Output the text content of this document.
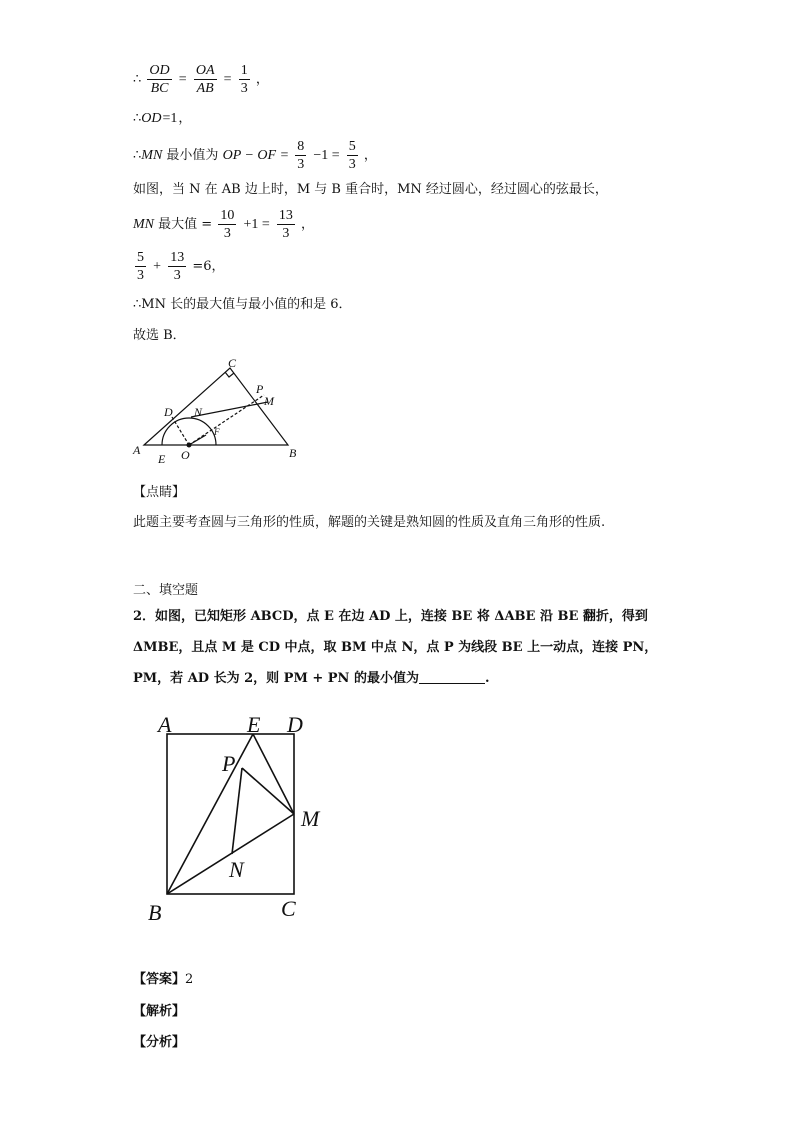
∴ $\frac{OD}{BC} = \frac{OA}{AB} = \frac{1}{3}$ ，
∴OD=1，
∴MN 最小值为 OP − OF = $\frac{8}{3} -1 = \frac{5}{3}$ ，
如图，当 N 在 AB 边上时，M 与 B 重合时，MN 经过圆心，经过圆心的弦最长，
MN 最大值 = $\frac{10}{3} +1 = \frac{13}{3}$ ，
$\frac{5}{3} + \frac{13}{3} =6$，
∴MN 长的最大值与最小值的和是 6．
故选 B．
C
P
M
D N
F
A
E O	B
【点睛】
此题主要考查圆与三角形的性质，解题的关键是熟知圆的性质及直角三角形的性质.
二、填空题
2．如图，已知矩形 ABCD，点 E 在边 AD 上，连接 BE 将 ΔABE 沿 BE 翻折，得到
ΔMBE，且点 M 是 CD 中点，取 BM 中点 N，点 P 为线段 BE 上一动点，连接 PN，
PM，若 AD 长为 2，则 PM + PN 的最小值为	.
A	E D
P
M
N
B	C
【答案】2
【解析】
【分析】
